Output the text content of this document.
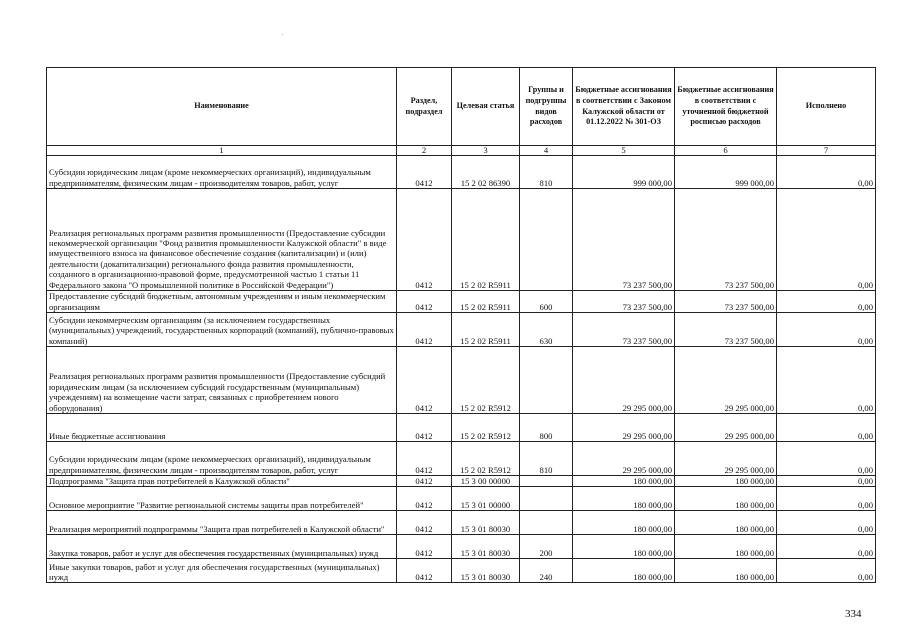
Наименование	Раздел, подраздел	Целевая статья	Группы и подгруппы видов расходов	Бюджетные ассигнования в соответствии с Законом Калужской области от 01.12.2022 № 301-ОЗ	Бюджетные ассигнования в соответствии с уточненной бюджетной росписью расходов	Исполнено
1	2	3	4	5	6	7
Субсидии юридическим лицам (кроме некоммерческих организаций), индивидуальным предпринимателям, физическим лицам - производителям товаров, работ, услуг	0412	15 2 02 86390	810	999 000,00	999 000,00	0,00
Реализация региональных программ развития промышленности (Предоставление субсидии некоммерческой организации "Фонд развития промышленности Калужской области" в виде имущественного взноса на финансовое обеспечение создания (капитализации) и (или) деятельности (докапитализации) регионального фонда развития промышленности, созданного в организационно-правовой форме, предусмотренной частью 1 статьи 11 Федерального закона "О промышленной политике в Российской Федерации")	0412	15 2 02 R5911		73 237 500,00	73 237 500,00	0,00
Предоставление субсидий бюджетным, автономным учреждениям и иным некоммерческим организациям	0412	15 2 02 R5911	600	73 237 500,00	73 237 500,00	0,00
Субсидии некоммерческим организациям (за исключением государственных (муниципальных) учреждений, государственных корпораций (компаний), публично-правовых компаний)	0412	15 2 02 R5911	630	73 237 500,00	73 237 500,00	0,00
Реализация региональных программ развития промышленности (Предоставление субсидий юридическим лицам (за исключением субсидий государственным (муниципальным) учреждениям) на возмещение части затрат, связанных с приобретением нового оборудования)	0412	15 2 02 R5912		29 295 000,00	29 295 000,00	0,00
Иные бюджетные ассигнования	0412	15 2 02 R5912	800	29 295 000,00	29 295 000,00	0,00
Субсидии юридическим лицам (кроме некоммерческих организаций), индивидуальным предпринимателям, физическим лицам - производителям товаров, работ, услуг	0412	15 2 02 R5912	810	29 295 000,00	29 295 000,00	0,00
Подпрограмма "Защита прав потребителей в Калужской области"	0412	15 3 00 00000		180 000,00	180 000,00	0,00
Основное мероприятие "Развитие региональной системы защиты прав потребителей"	0412	15 3 01 00000		180 000,00	180 000,00	0,00
Реализация мероприятий подпрограммы "Защита прав потребителей в Калужской области"	0412	15 3 01 80030		180 000,00	180 000,00	0,00
Закупка товаров, работ и услуг для обеспечения государственных (муниципальных) нужд	0412	15 3 01 80030	200	180 000,00	180 000,00	0,00
Иные закупки товаров, работ и услуг для обеспечения государственных (муниципальных) нужд	0412	15 3 01 80030	240	180 000,00	180 000,00	0,00
334
